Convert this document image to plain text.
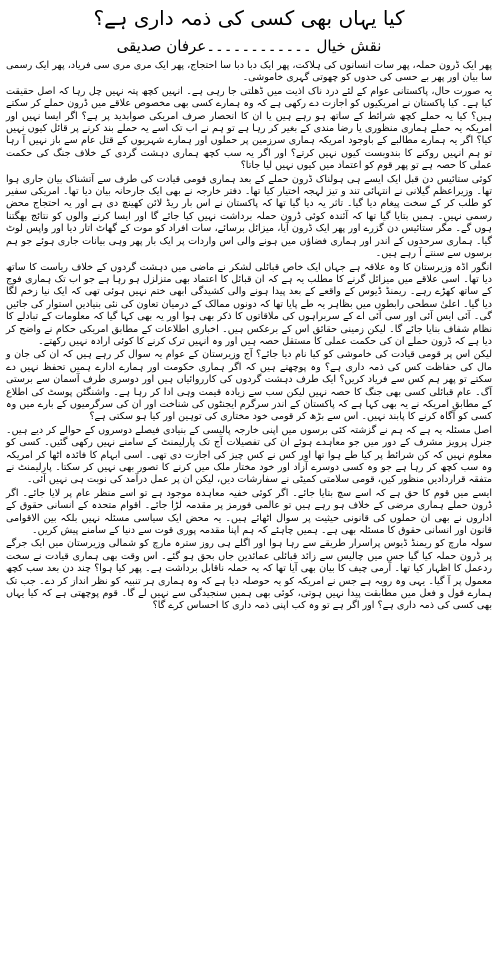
کیا یہاں بھی کسی کی ذمہ داری ہے؟
نقش خیال ۔۔۔۔۔۔۔۔۔۔۔۔عرفان صدیقی

پھر ایک ڈرون حملہ، پھر سات انسانوں کی ہلاکت، پھر ایک دبا دبا سا احتجاج، پھر ایک مری مری سی فریاد، پھر ایک رسمی سا بیان اور پھر بے حسی کی حدوں کو چھوتی گہری خاموشی۔

یہ صورت حال، پاکستانی عوام کے لئے درد ناک اذیت میں ڈھلتی جا رہی ہے۔ انہیں کچھ پتہ نہیں چل رہا کہ اصل حقیقت کیا ہے۔ کیا پاکستان نے امریکیوں کو اجازت دے رکھی ہے کہ وہ ہمارے کسی بھی مخصوص علاقے میں ڈرون حملے کر سکتے ہیں؟ کیا یہ حملے کچھ شرائط کے ساتھ ہو رہے ہیں یا ان کا انحصار صرف امریکی صوابدید پر ہے؟ اگر ایسا نہیں اور امریکہ یہ حملے ہماری منظوری یا رضا مندی کے بغیر کر رہا ہے تو ہم نے اب تک اسے یہ حملے بند کرنے پر قائل کیوں نہیں کیا؟ اگر یہ ہمارے مطالبے کے باوجود امریکہ ہماری سرزمین پر حملوں اور ہمارے شہریوں کے قتل عام سے باز نہیں آ رہا تو ہم انہیں روکنے کا بندوبست کیوں نہیں کرتے؟ اور اگر یہ سب کچھ ہماری دہشت گردی کے خلاف جنگ کی حکمت عملی کا حصہ ہے تو پھر قوم کو اعتماد میں کیوں نہیں لیا جاتا؟

کوئی ستائیس دن قبل ایک ایسے ہی ہولناک ڈرون حملے کے بعد ہماری قومی قیادت کی طرف سے آتشناک بیان جاری ہوا تھا۔ وزیراعظم گیلانی نے انتہائی تند و تیز لہجہ اختیار کیا تھا۔ دفتر خارجہ نے بھی ایک جارحانہ بیان دیا تھا۔ امریکی سفیر کو طلب کر کے سخت پیغام دیا گیا۔ تاثر یہ دیا گیا تھا کہ پاکستان نے اس بار ریڈ لائن کھینچ دی ہے اور یہ احتجاج محض رسمی نہیں۔ ہمیں بتایا گیا تھا کہ آئندہ کوئی ڈرون حملہ برداشت نہیں کیا جائے گا اور ایسا کرنے والوں کو نتائج بھگتنا ہوں گے۔ مگر ستائیس دن گزرے اور پھر ایک ڈرون آیا، میزائل برسائے، سات افراد کو موت کے گھاٹ اتار دیا اور واپس لوٹ گیا۔ ہماری سرحدوں کے اندر اور ہماری فضاؤں میں ہونے والی اس واردات پر ایک بار پھر وہی بیانات جاری ہوئے جو ہم برسوں سے سنتے آ رہے ہیں۔

انگور اڈہ وزیرستان کا وہ علاقہ ہے جہاں ایک خاص قبائلی لشکر نے ماضی میں دہشت گردوں کے خلاف ریاست کا ساتھ دیا تھا۔ اسی علاقے میں میزائل گرنے کا مطلب یہ ہے کہ ان قبائل کا اعتماد بھی متزلزل ہو رہا ہے جو اب تک ہماری فوج کے ساتھ کھڑے رہے۔ ریمنڈ ڈیوس کے واقعے کے بعد پیدا ہونے والی کشیدگی ابھی ختم نہیں ہوئی تھی کہ ایک نیا زخم لگا دیا گیا۔ اعلیٰ سطحی رابطوں میں بظاہر یہ طے پایا تھا کہ دونوں ممالک کے درمیان تعاون کی نئی بنیادیں استوار کی جائیں گی۔ آئی ایس آئی اور سی آئی اے کے سربراہوں کی ملاقاتوں کا ذکر بھی ہوا اور یہ بھی کہا گیا کہ معلومات کے تبادلے کا نظام شفاف بنایا جائے گا۔ لیکن زمینی حقائق اس کے برعکس ہیں۔ اخباری اطلاعات کے مطابق امریکی حکام نے واضح کر دیا ہے کہ ڈرون حملے ان کی حکمت عملی کا مستقل حصہ ہیں اور وہ انہیں ترک کرنے کا کوئی ارادہ نہیں رکھتے۔

لیکن اس پر قومی قیادت کی خاموشی کو کیا نام دیا جائے؟ آج وزیرستان کے عوام یہ سوال کر رہے ہیں کہ ان کی جان و مال کی حفاظت کس کی ذمہ داری ہے؟ وہ پوچھتے ہیں کہ اگر ہماری حکومت اور ہمارے ادارے ہمیں تحفظ نہیں دے سکتے تو پھر ہم کس سے فریاد کریں؟ ایک طرف دہشت گردوں کی کارروائیاں ہیں اور دوسری طرف آسمان سے برستی آگ۔ عام قبائلی کسی بھی جنگ کا حصہ نہیں لیکن سب سے زیادہ قیمت وہی ادا کر رہا ہے۔ واشنگٹن پوسٹ کی اطلاع کے مطابق امریکہ نے یہ بھی کہا ہے کہ پاکستان کے اندر سرگرم ایجنٹوں کی شناخت اور ان کی سرگرمیوں کے بارے میں وہ کسی کو آگاہ کرنے کا پابند نہیں۔ اس سے بڑھ کر قومی خود مختاری کی توہین اور کیا ہو سکتی ہے؟

اصل مسئلہ یہ ہے کہ ہم نے گزشتہ کئی برسوں میں اپنی خارجہ پالیسی کے بنیادی فیصلے دوسروں کے حوالے کر دیے ہیں۔ جنرل پرویز مشرف کے دور میں جو معاہدے ہوئے ان کی تفصیلات آج تک پارلیمنٹ کے سامنے نہیں رکھی گئیں۔ کسی کو معلوم نہیں کہ کن شرائط پر کیا طے ہوا تھا اور کس نے کس چیز کی اجازت دی تھی۔ اسی ابہام کا فائدہ اٹھا کر امریکہ وہ سب کچھ کر رہا ہے جو وہ کسی دوسرے آزاد اور خود مختار ملک میں کرنے کا تصور بھی نہیں کر سکتا۔ پارلیمنٹ نے متفقہ قراردادیں منظور کیں، قومی سلامتی کمیٹی نے سفارشات دیں، لیکن ان پر عمل درآمد کی نوبت ہی نہیں آئی۔

ایسے میں قوم کا حق ہے کہ اسے سچ بتایا جائے۔ اگر کوئی خفیہ معاہدہ موجود ہے تو اسے منظر عام پر لایا جائے۔ اگر ڈرون حملے ہماری مرضی کے خلاف ہو رہے ہیں تو عالمی فورمز پر مقدمہ لڑا جائے۔ اقوام متحدہ کے انسانی حقوق کے اداروں نے بھی ان حملوں کی قانونی حیثیت پر سوال اٹھائے ہیں۔ یہ محض ایک سیاسی مسئلہ نہیں بلکہ بین الاقوامی قانون اور انسانی حقوق کا مسئلہ بھی ہے۔ ہمیں چاہئے کہ ہم اپنا مقدمہ پوری قوت سے دنیا کے سامنے پیش کریں۔

سولہ مارچ کو ریمنڈ ڈیوس پراسرار طریقے سے رہا ہوا اور اگلے ہی روز سترہ مارچ کو شمالی وزیرستان میں ایک جرگے پر ڈرون حملہ کیا گیا جس میں چالیس سے زائد قبائلی عمائدین جاں بحق ہو گئے۔ اس وقت بھی ہماری قیادت نے سخت ردعمل کا اظہار کیا تھا۔ آرمی چیف کا بیان بھی آیا تھا کہ یہ حملہ ناقابل برداشت ہے۔ پھر کیا ہوا؟ چند دن بعد سب کچھ معمول پر آ گیا۔ یہی وہ رویہ ہے جس نے امریکہ کو یہ حوصلہ دیا ہے کہ وہ ہماری ہر تنبیہ کو نظر انداز کر دے۔ جب تک ہمارے قول و فعل میں مطابقت پیدا نہیں ہوتی، کوئی بھی ہمیں سنجیدگی سے نہیں لے گا۔ قوم پوچھتی ہے کہ کیا یہاں بھی کسی کی ذمہ داری ہے؟ اور اگر ہے تو وہ کب اپنی ذمہ داری کا احساس کرے گا؟
